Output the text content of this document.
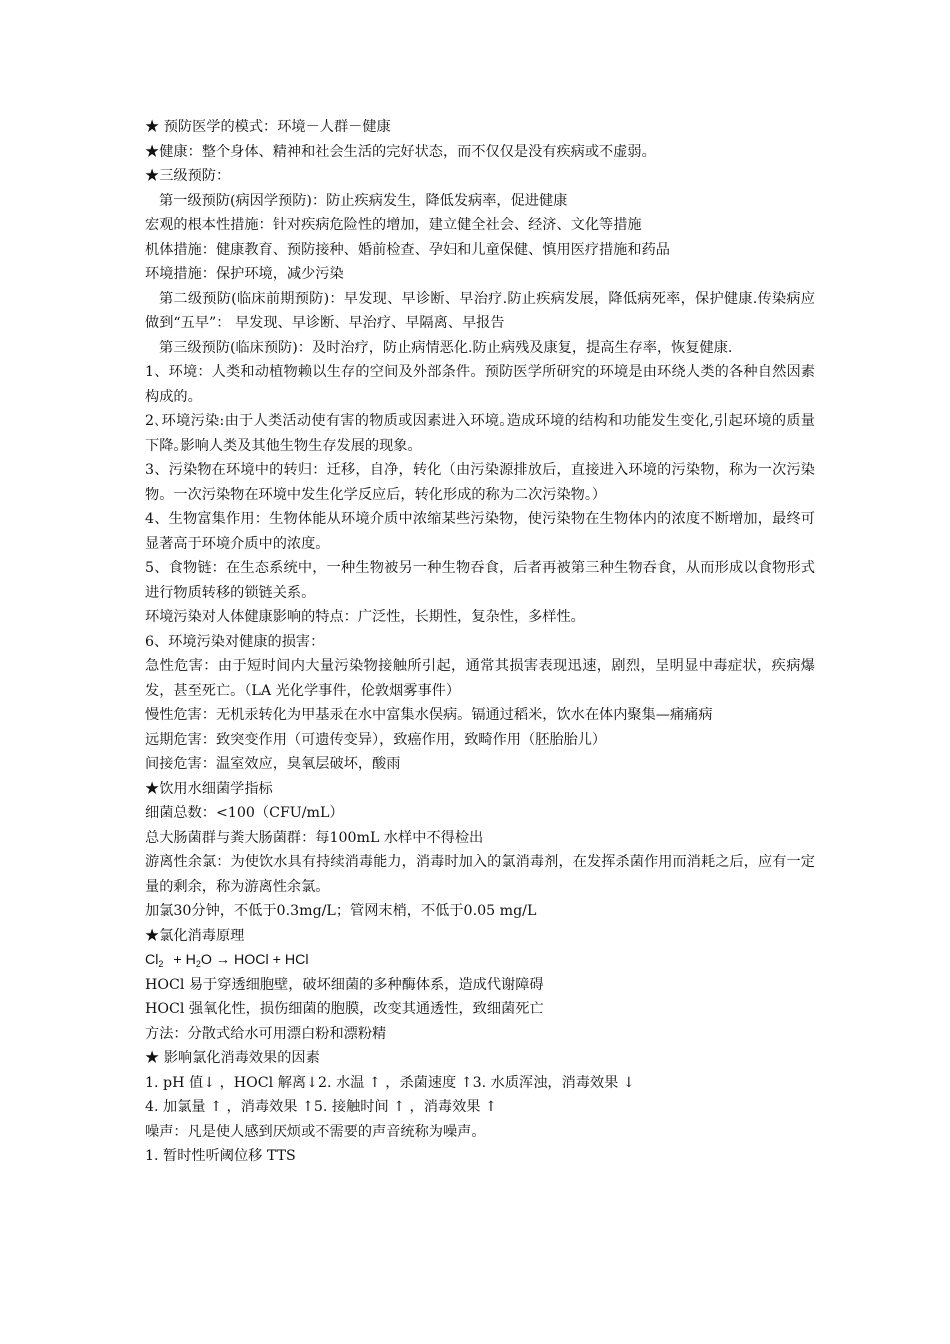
★ 预防医学的模式：环境－人群－健康

★健康：整个身体、精神和社会生活的完好状态，而不仅仅是没有疾病或不虚弱。

★三级预防：

第一级预防(病因学预防)：防止疾病发生，降低发病率，促进健康

宏观的根本性措施：针对疾病危险性的增加，建立健全社会、经济、文化等措施

机体措施：健康教育、预防接种、婚前检查、孕妇和儿童保健、慎用医疗措施和药品

环境措施：保护环境，减少污染

第二级预防(临床前期预防)：早发现、早诊断、早治疗.防止疾病发展，降低病死率，保护健康.传染病应做到“五早”： 早发现、早诊断、早治疗、早隔离、早报告

第三级预防(临床预防)：及时治疗，防止病情恶化.防止病残及康复，提高生存率，恢复健康.

1、环境：人类和动植物赖以生存的空间及外部条件。预防医学所研究的环境是由环绕人类的各种自然因素构成的。

2､环境污染:由于人类活动使有害的物质或因素进入环境｡造成环境的结构和功能发生变化,引起环境的质量下降｡影响人类及其他生物生存发展的现象｡

3、污染物在环境中的转归：迁移，自净，转化（由污染源排放后，直接进入环境的污染物，称为一次污染物。一次污染物在环境中发生化学反应后，转化形成的称为二次污染物。）

4、生物富集作用：生物体能从环境介质中浓缩某些污染物，使污染物在生物体内的浓度不断增加，最终可显著高于环境介质中的浓度。

5、食物链：在生态系统中，一种生物被另一种生物吞食，后者再被第三种生物吞食，从而形成以食物形式进行物质转移的锁链关系。

环境污染对人体健康影响的特点：广泛性，长期性，复杂性，多样性。

6、环境污染对健康的损害：

急性危害：由于短时间内大量污染物接触所引起，通常其损害表现迅速，剧烈，呈明显中毒症状，疾病爆发，甚至死亡。（LA 光化学事件，伦敦烟雾事件）

慢性危害：无机汞转化为甲基汞在水中富集水俣病。镉通过稻米，饮水在体内聚集—痛痛病

远期危害：致突变作用（可遗传变异），致癌作用，致畸作用（胚胎胎儿）

间接危害：温室效应，臭氧层破坏，酸雨

★饮用水细菌学指标

细菌总数：<100（CFU/mL）

总大肠菌群与粪大肠菌群：每100mL 水样中不得检出

游离性余氯：为使饮水具有持续消毒能力，消毒时加入的氯消毒剂，在发挥杀菌作用而消耗之后，应有一定量的剩余，称为游离性余氯。

加氯30分钟，不低于0.3mg/L；管网末梢，不低于0.05 mg/L

★氯化消毒原理

$Cl_2 + H_2O$ → HOCl + HCl

HOCl 易于穿透细胞壁，破坏细菌的多种酶体系，造成代谢障碍

HOCl 强氧化性，损伤细菌的胞膜，改变其通透性，致细菌死亡

方法：分散式给水可用漂白粉和漂粉精

★ 影响氯化消毒效果的因素

1. pH 值↓ ，HOCl 解离↓2. 水温 ↑ ，杀菌速度 ↑3. 水质浑浊，消毒效果 ↓

4. 加氯量 ↑ ，消毒效果 ↑5. 接触时间 ↑ ，消毒效果 ↑

噪声：凡是使人感到厌烦或不需要的声音统称为噪声。

1. 暂时性听阈位移 TTS
